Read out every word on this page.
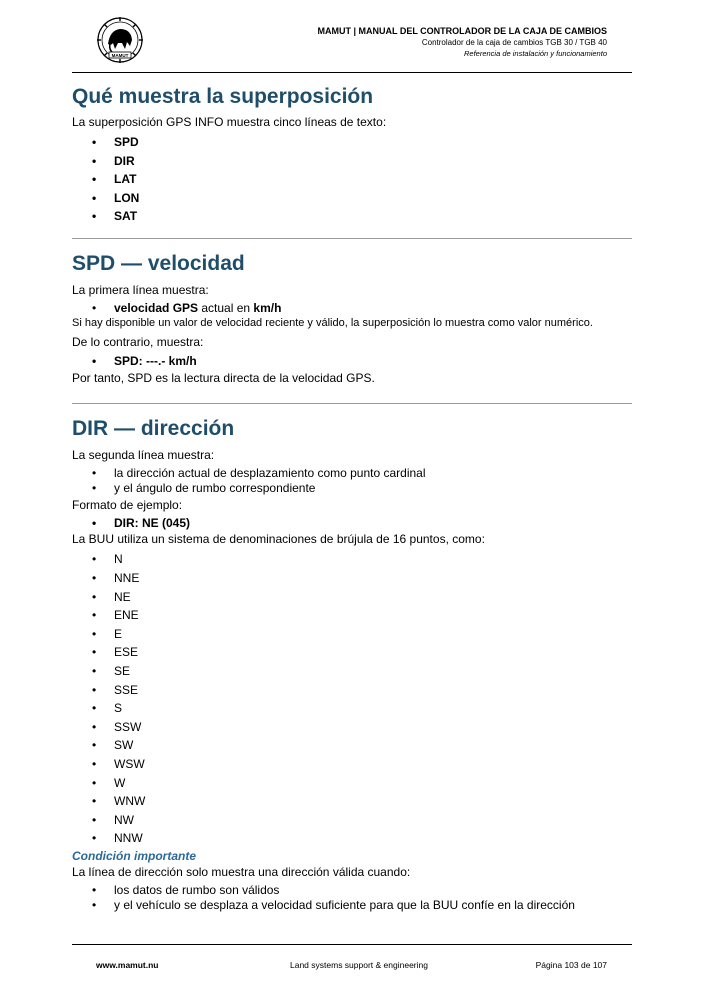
MAMUT
MAMUT | MANUAL DEL CONTROLADOR DE LA CAJA DE CAMBIOS
Controlador de la caja de cambios TGB 30 / TGB 40
Referencia de instalación y funcionamiento
Qué muestra la superposición

La superposición GPS INFO muestra cinco líneas de texto:

• SPD
• DIR
• LAT
• LON
• SAT
SPD — velocidad

La primera línea muestra:

• velocidad GPS actual en km/h

Si hay disponible un valor de velocidad reciente y válido, la superposición lo muestra como valor numérico.

De lo contrario, muestra:

• SPD: ---.- km/h

Por tanto, SPD es la lectura directa de la velocidad GPS.

DIR — dirección

La segunda línea muestra:

• la dirección actual de desplazamiento como punto cardinal
• y el ángulo de rumbo correspondiente

Formato de ejemplo:

• DIR: NE (045)

La BUU utiliza un sistema de denominaciones de brújula de 16 puntos, como:

• N
• NNE
• NE
• ENE
• E
• ESE
• SE
• SSE
• S
• SSW
• SW
• WSW
• W
• WNW
• NW
• NNW

Condición importante

La línea de dirección solo muestra una dirección válida cuando:

• los datos de rumbo son válidos
• y el vehículo se desplaza a velocidad suficiente para que la BUU confíe en la dirección
www.mamut.nu	Land systems support & engineering	Página 103 de 107
